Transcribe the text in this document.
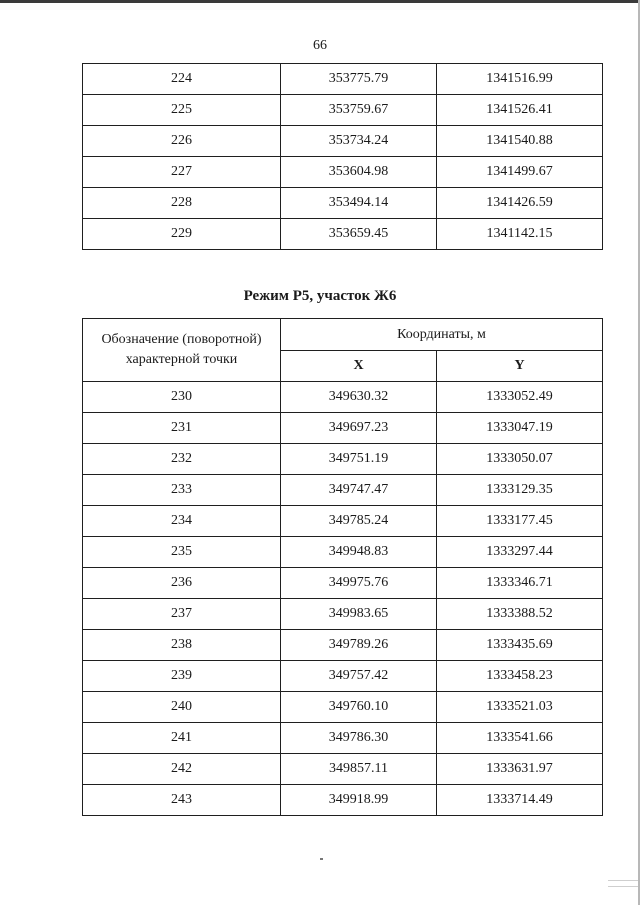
66
224	353775.79	1341516.99
225	353759.67	1341526.41
226	353734.24	1341540.88
227	353604.98	1341499.67
228	353494.14	1341426.59
229	353659.45	1341142.15
Режим Р5, участок Ж6
Обозначение (поворотной)
характерной точки	Координаты, м	
	X	Y
230	349630.32	1333052.49
231	349697.23	1333047.19
232	349751.19	1333050.07
233	349747.47	1333129.35
234	349785.24	1333177.45
235	349948.83	1333297.44
236	349975.76	1333346.71
237	349983.65	1333388.52
238	349789.26	1333435.69
239	349757.42	1333458.23
240	349760.10	1333521.03
241	349786.30	1333541.66
242	349857.11	1333631.97
243	349918.99	1333714.49
